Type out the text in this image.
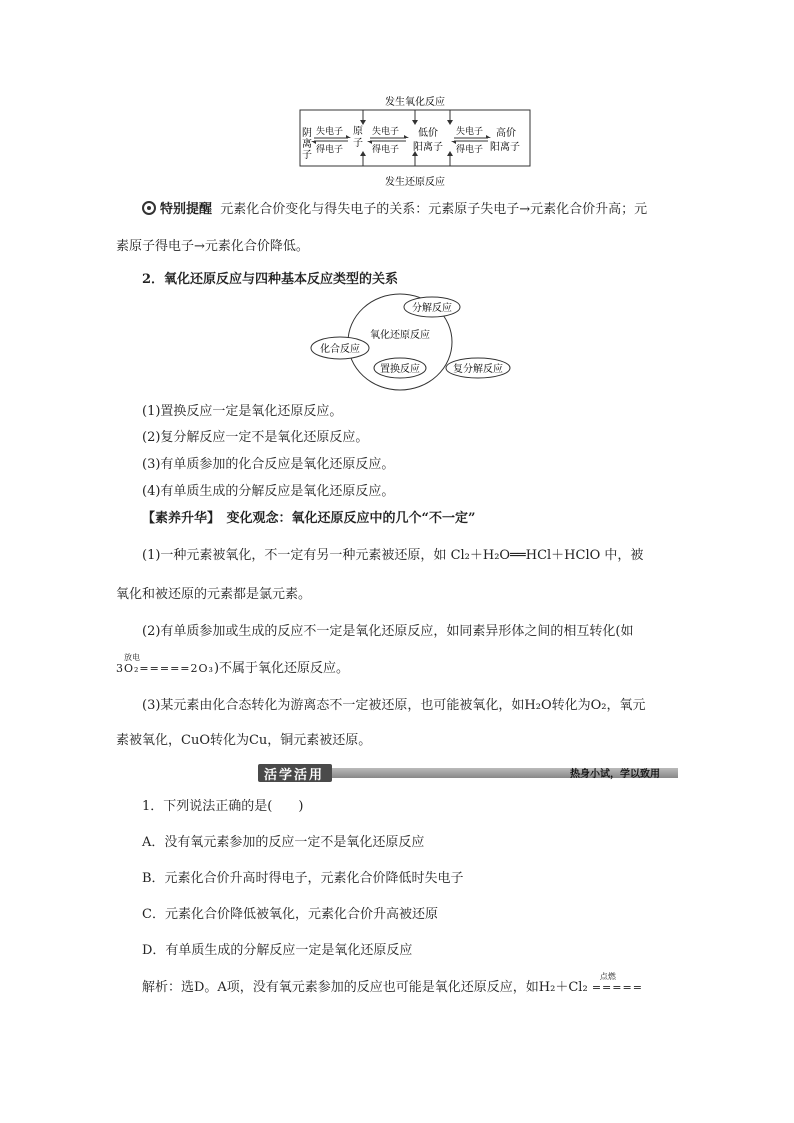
发生氧化反应
发生还原反应
阴
离
子
原
子
低价
阳离子
高价
阳离子
失电子
得电子
失电子
得电子
失电子
得电子
特别提醒 元素化合价变化与得失电子的关系：元素原子失电子→元素化合价升高；元
素原子得电子→元素化合价降低。
2．氧化还原反应与四种基本反应类型的关系
氧化还原反应
分解反应
化合反应
置换反应	复分解反应
(1)置换反应一定是氧化还原反应。
(2)复分解反应一定不是氧化还原反应。
(3)有单质参加的化合反应是氧化还原反应。
(4)有单质生成的分解反应是氧化还原反应。
【素养升华】　变化观念：氧化还原反应中的几个“不一定”
(1)一种元素被氧化，不一定有另一种元素被还原，如 Cl₂＋H₂O══HCl＋HClO 中，被
氧化和被还原的元素都是氯元素。
(2)有单质参加或生成的反应不一定是氧化还原反应，如同素异形体之间的相互转化(如
放电
3O₂=====2O₃)不属于氧化还原反应。
(3)某元素由化合态转化为游离态不一定被还原，也可能被氧化，如H₂O转化为O₂，氧元
素被氧化，CuO转化为Cu，铜元素被还原。
活学活用	热身小试，学以致用
1．下列说法正确的是(　　)
A．没有氧元素参加的反应一定不是氧化还原反应
B．元素化合价升高时得电子，元素化合价降低时失电子
C．元素化合价降低被氧化，元素化合价升高被还原
D．有单质生成的分解反应一定是氧化还原反应
解析：选D。A项，没有氧元素参加的反应也可能是氧化还原反应，如H₂＋Cl₂
点燃
=====
